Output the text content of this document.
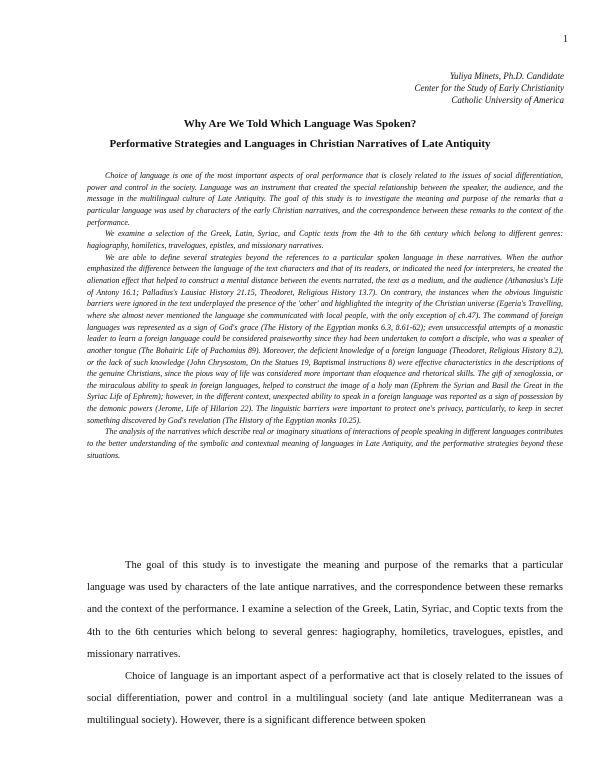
1
Yuliya Minets, Ph.D. Candidate
Center for the Study of Early Christianity
Catholic University of America
Why Are We Told Which Language Was Spoken?
Performative Strategies and Languages in Christian Narratives of Late Antiquity

Choice of language is one of the most important aspects of oral performance that is closely related to the issues of social differentiation, power and control in the society. Language was an instrument that created the special relationship between the speaker, the audience, and the message in the multilingual culture of Late Antiquity. The goal of this study is to investigate the meaning and purpose of the remarks that a particular language was used by characters of the early Christian narratives, and the correspondence between these remarks to the context of the performance.

We examine a selection of the Greek, Latin, Syriac, and Coptic texts from the 4th to the 6th century which belong to different genres: hagiography, homiletics, travelogues, epistles, and missionary narratives.

We are able to define several strategies beyond the references to a particular spoken language in these narratives. When the author emphasized the difference between the language of the text characters and that of its readers, or indicated the need for interpreters, he created the alienation effect that helped to construct a mental distance between the events narrated, the text as a medium, and the audience (Athanasius's Life of Antony 16.1; Palladius's Lausiac History 21.15, Theodoret, Religious History 13.7). On contrary, the instances when the obvious linguistic barriers were ignored in the text underplayed the presence of the 'other' and highlighted the integrity of the Christian universe (Egeria's Travelling, where she almost never mentioned the language she communicated with local people, with the only exception of ch.47). The command of foreign languages was represented as a sign of God's grace (The History of the Egyptian monks 6.3, 8.61-62); even unsuccessful attempts of a monastic leader to learn a foreign language could be considered praiseworthy since they had been undertaken to comfort a disciple, who was a speaker of another tongue (The Bohairic Life of Pachomius 89). Moreover, the deficient knowledge of a foreign language (Theodoret, Religious History 8.2), or the lack of such knowledge (John Chrysostom, On the Statues 19, Baptismal instructions 8) were effective characteristics in the descriptions of the genuine Christians, since the pious way of life was considered more important than eloquence and rhetorical skills. The gift of xenoglossia, or the miraculous ability to speak in foreign languages, helped to construct the image of a holy man (Ephrem the Syrian and Basil the Great in the Syriac Life of Ephrem); however, in the different context, unexpected ability to speak in a foreign language was reported as a sign of possession by the demonic powers (Jerome, Life of Hilarion 22). The linguistic barriers were important to protect one's privacy, particularly, to keep in secret something discovered by God's revelation (The History of the Egyptian monks 10.25).

The analysis of the narratives which describe real or imaginary situations of interactions of people speaking in different languages contributes to the better understanding of the symbolic and contextual meaning of languages in Late Antiquity, and the performative strategies beyond these situations.

The goal of this study is to investigate the meaning and purpose of the remarks that a particular language was used by characters of the late antique narratives, and the correspondence between these remarks and the context of the performance. I examine a selection of the Greek, Latin, Syriac, and Coptic texts from the 4th to the 6th centuries which belong to several genres: hagiography, homiletics, travelogues, epistles, and missionary narratives.

Choice of language is an important aspect of a performative act that is closely related to the issues of social differentiation, power and control in a multilingual society (and late antique Mediterranean was a multilingual society). However, there is a significant difference between spoken
